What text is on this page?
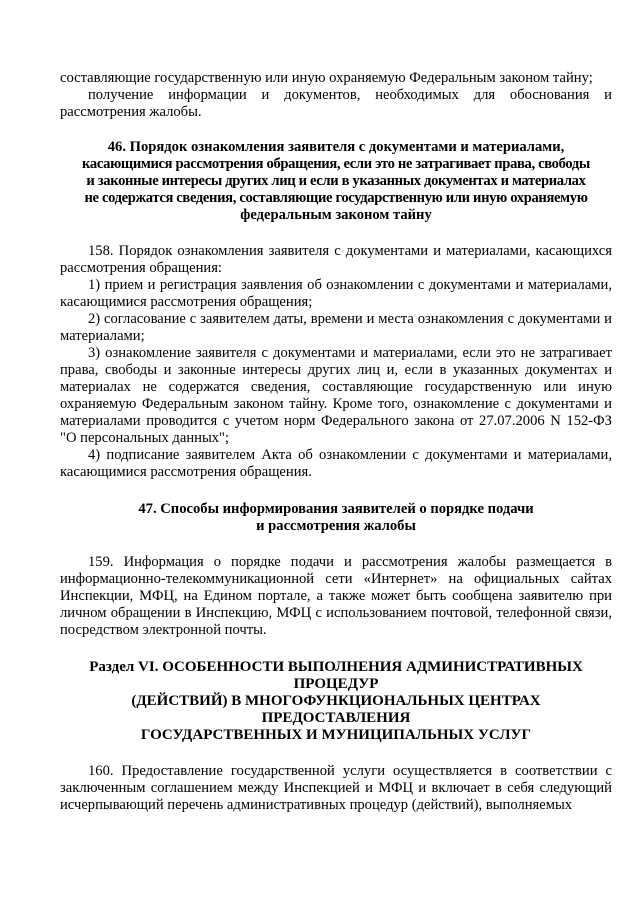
составляющие государственную или иную охраняемую Федеральным законом тайну;

получение информации и документов, необходимых для обоснования и рассмотрения жалобы.

46. Порядок ознакомления заявителя с документами и материалами,
касающимися рассмотрения обращения, если это не затрагивает права, свободы
и законные интересы других лиц и если в указанных документах и материалах
не содержатся сведения, составляющие государственную или иную охраняемую
федеральным законом тайну

158. Порядок ознакомления заявителя с документами и материалами, касающихся рассмотрения обращения:

1) прием и регистрация заявления об ознакомлении с документами и материалами, касающимися рассмотрения обращения;

2) согласование с заявителем даты, времени и места ознакомления с документами и материалами;

3) ознакомление заявителя с документами и материалами, если это не затрагивает права, свободы и законные интересы других лиц и, если в указанных документах и материалах не содержатся сведения, составляющие государственную или иную охраняемую Федеральным законом тайну. Кроме того, ознакомление с документами и материалами проводится с учетом норм Федерального закона от 27.07.2006 N 152-ФЗ "О персональных данных";

4) подписание заявителем Акта об ознакомлении с документами и материалами, касающимися рассмотрения обращения.

47. Способы информирования заявителей о порядке подачи
и рассмотрения жалобы

159. Информация о порядке подачи и рассмотрения жалобы размещается в информационно-телекоммуникационной сети «Интернет» на официальных сайтах Инспекции, МФЦ, на Едином портале, а также может быть сообщена заявителю при личном обращении в Инспекцию, МФЦ с использованием почтовой, телефонной связи, посредством электронной почты.

Раздел VI. ОСОБЕННОСТИ ВЫПОЛНЕНИЯ АДМИНИСТРАТИВНЫХ
ПРОЦЕДУР
(ДЕЙСТВИЙ) В МНОГОФУНКЦИОНАЛЬНЫХ ЦЕНТРАХ
ПРЕДОСТАВЛЕНИЯ
ГОСУДАРСТВЕННЫХ И МУНИЦИПАЛЬНЫХ УСЛУГ

160. Предоставление государственной услуги осуществляется в соответствии с заключенным соглашением между Инспекцией и МФЦ и включает в себя следующий исчерпывающий перечень административных процедур (действий), выполняемых
